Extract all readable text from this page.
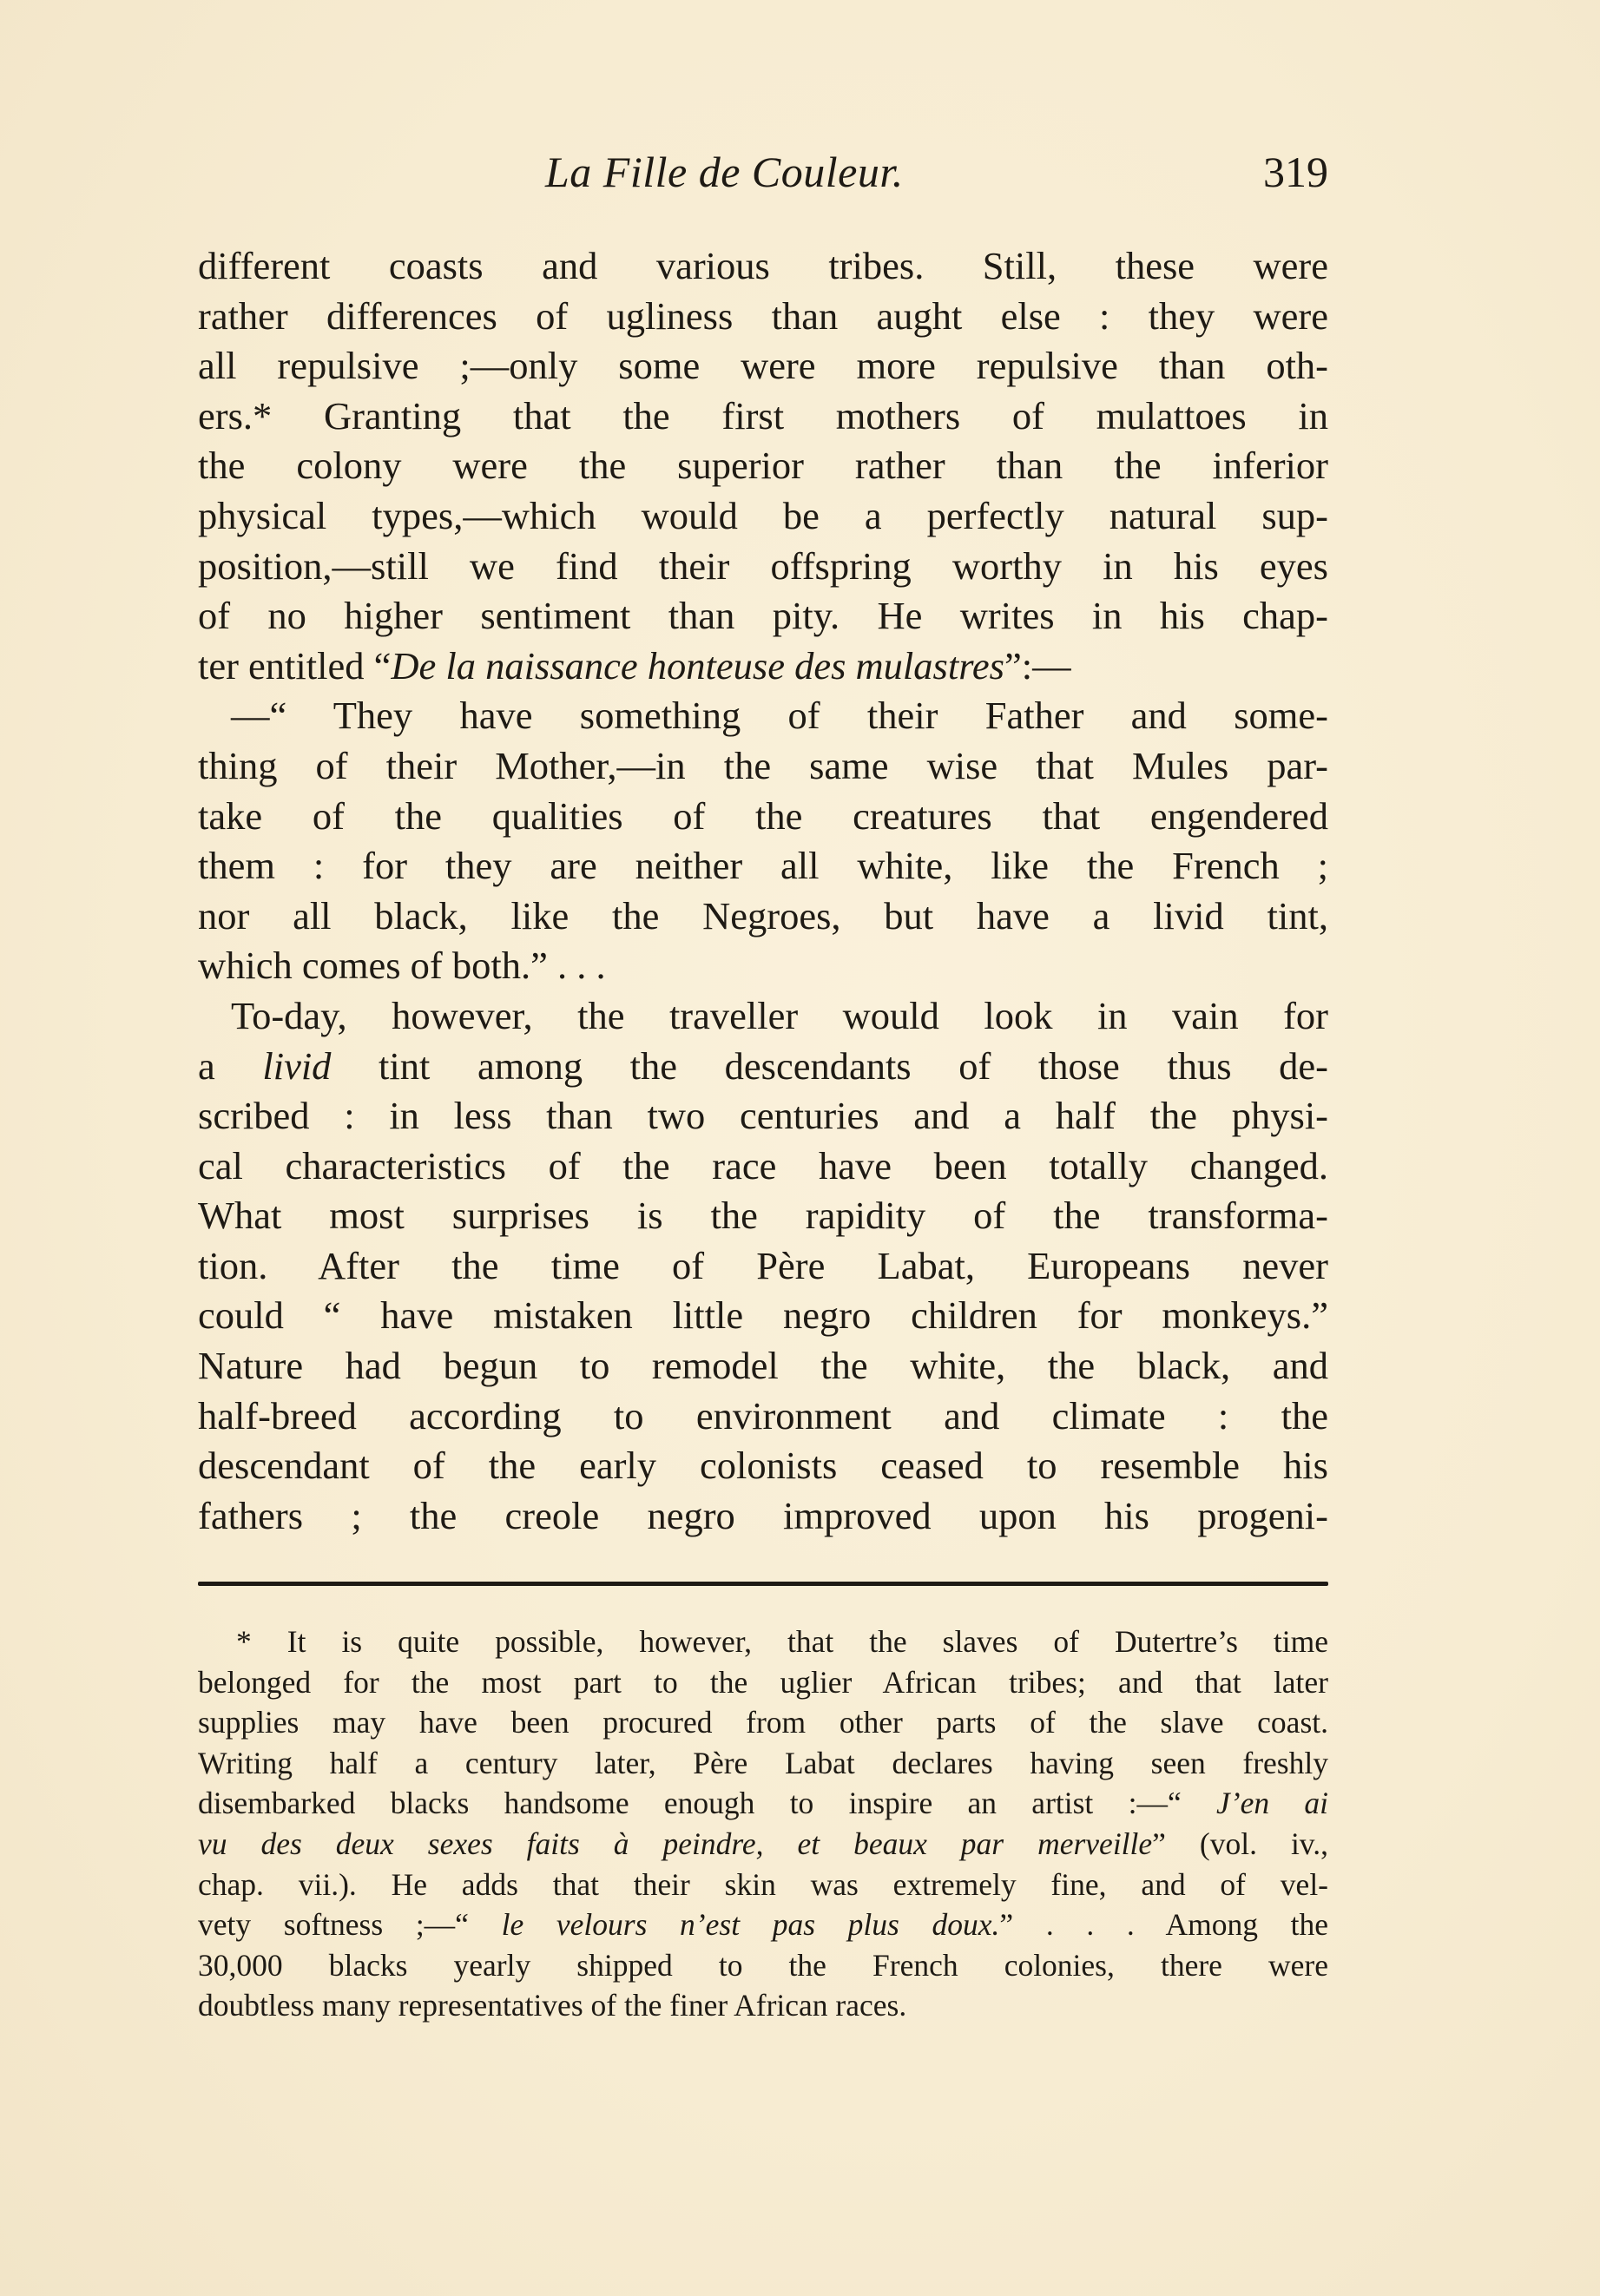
La Fille de Couleur.	319
different coasts and various tribes. Still, these were
rather differences of ugliness than aught else : they were
all repulsive ;—only some were more repulsive than oth-
ers.* Granting that the first mothers of mulattoes in
the colony were the superior rather than the inferior
physical types,—which would be a perfectly natural sup-
position,—still we find their offspring worthy in his eyes
of no higher sentiment than pity. He writes in his chap-
ter entitled “De la naissance honteuse des mulastres”:—
—“ They have something of their Father and some-
thing of their Mother,—in the same wise that Mules par-
take of the qualities of the creatures that engendered
them : for they are neither all white, like the French ;
nor all black, like the Negroes, but have a livid tint,
which comes of both.” . . .
To-day, however, the traveller would look in vain for
a livid tint among the descendants of those thus de-
scribed : in less than two centuries and a half the physi-
cal characteristics of the race have been totally changed.
What most surprises is the rapidity of the transforma-
tion. After the time of Père Labat, Europeans never
could “ have mistaken little negro children for monkeys.”
Nature had begun to remodel the white, the black, and
half-breed according to environment and climate : the
descendant of the early colonists ceased to resemble his
fathers ; the creole negro improved upon his progeni-
* It is quite possible, however, that the slaves of Dutertre’s time
belonged for the most part to the uglier African tribes; and that later
supplies may have been procured from other parts of the slave coast.
Writing half a century later, Père Labat declares having seen freshly
disembarked blacks handsome enough to inspire an artist :—“ J’en ai
vu des deux sexes faits à peindre, et beaux par merveille” (vol. iv.,
chap. vii.). He adds that their skin was extremely fine, and of vel-
vety softness ;—“ le velours n’est pas plus doux.” . . . Among the
30,000 blacks yearly shipped to the French colonies, there were
doubtless many representatives of the finer African races.
